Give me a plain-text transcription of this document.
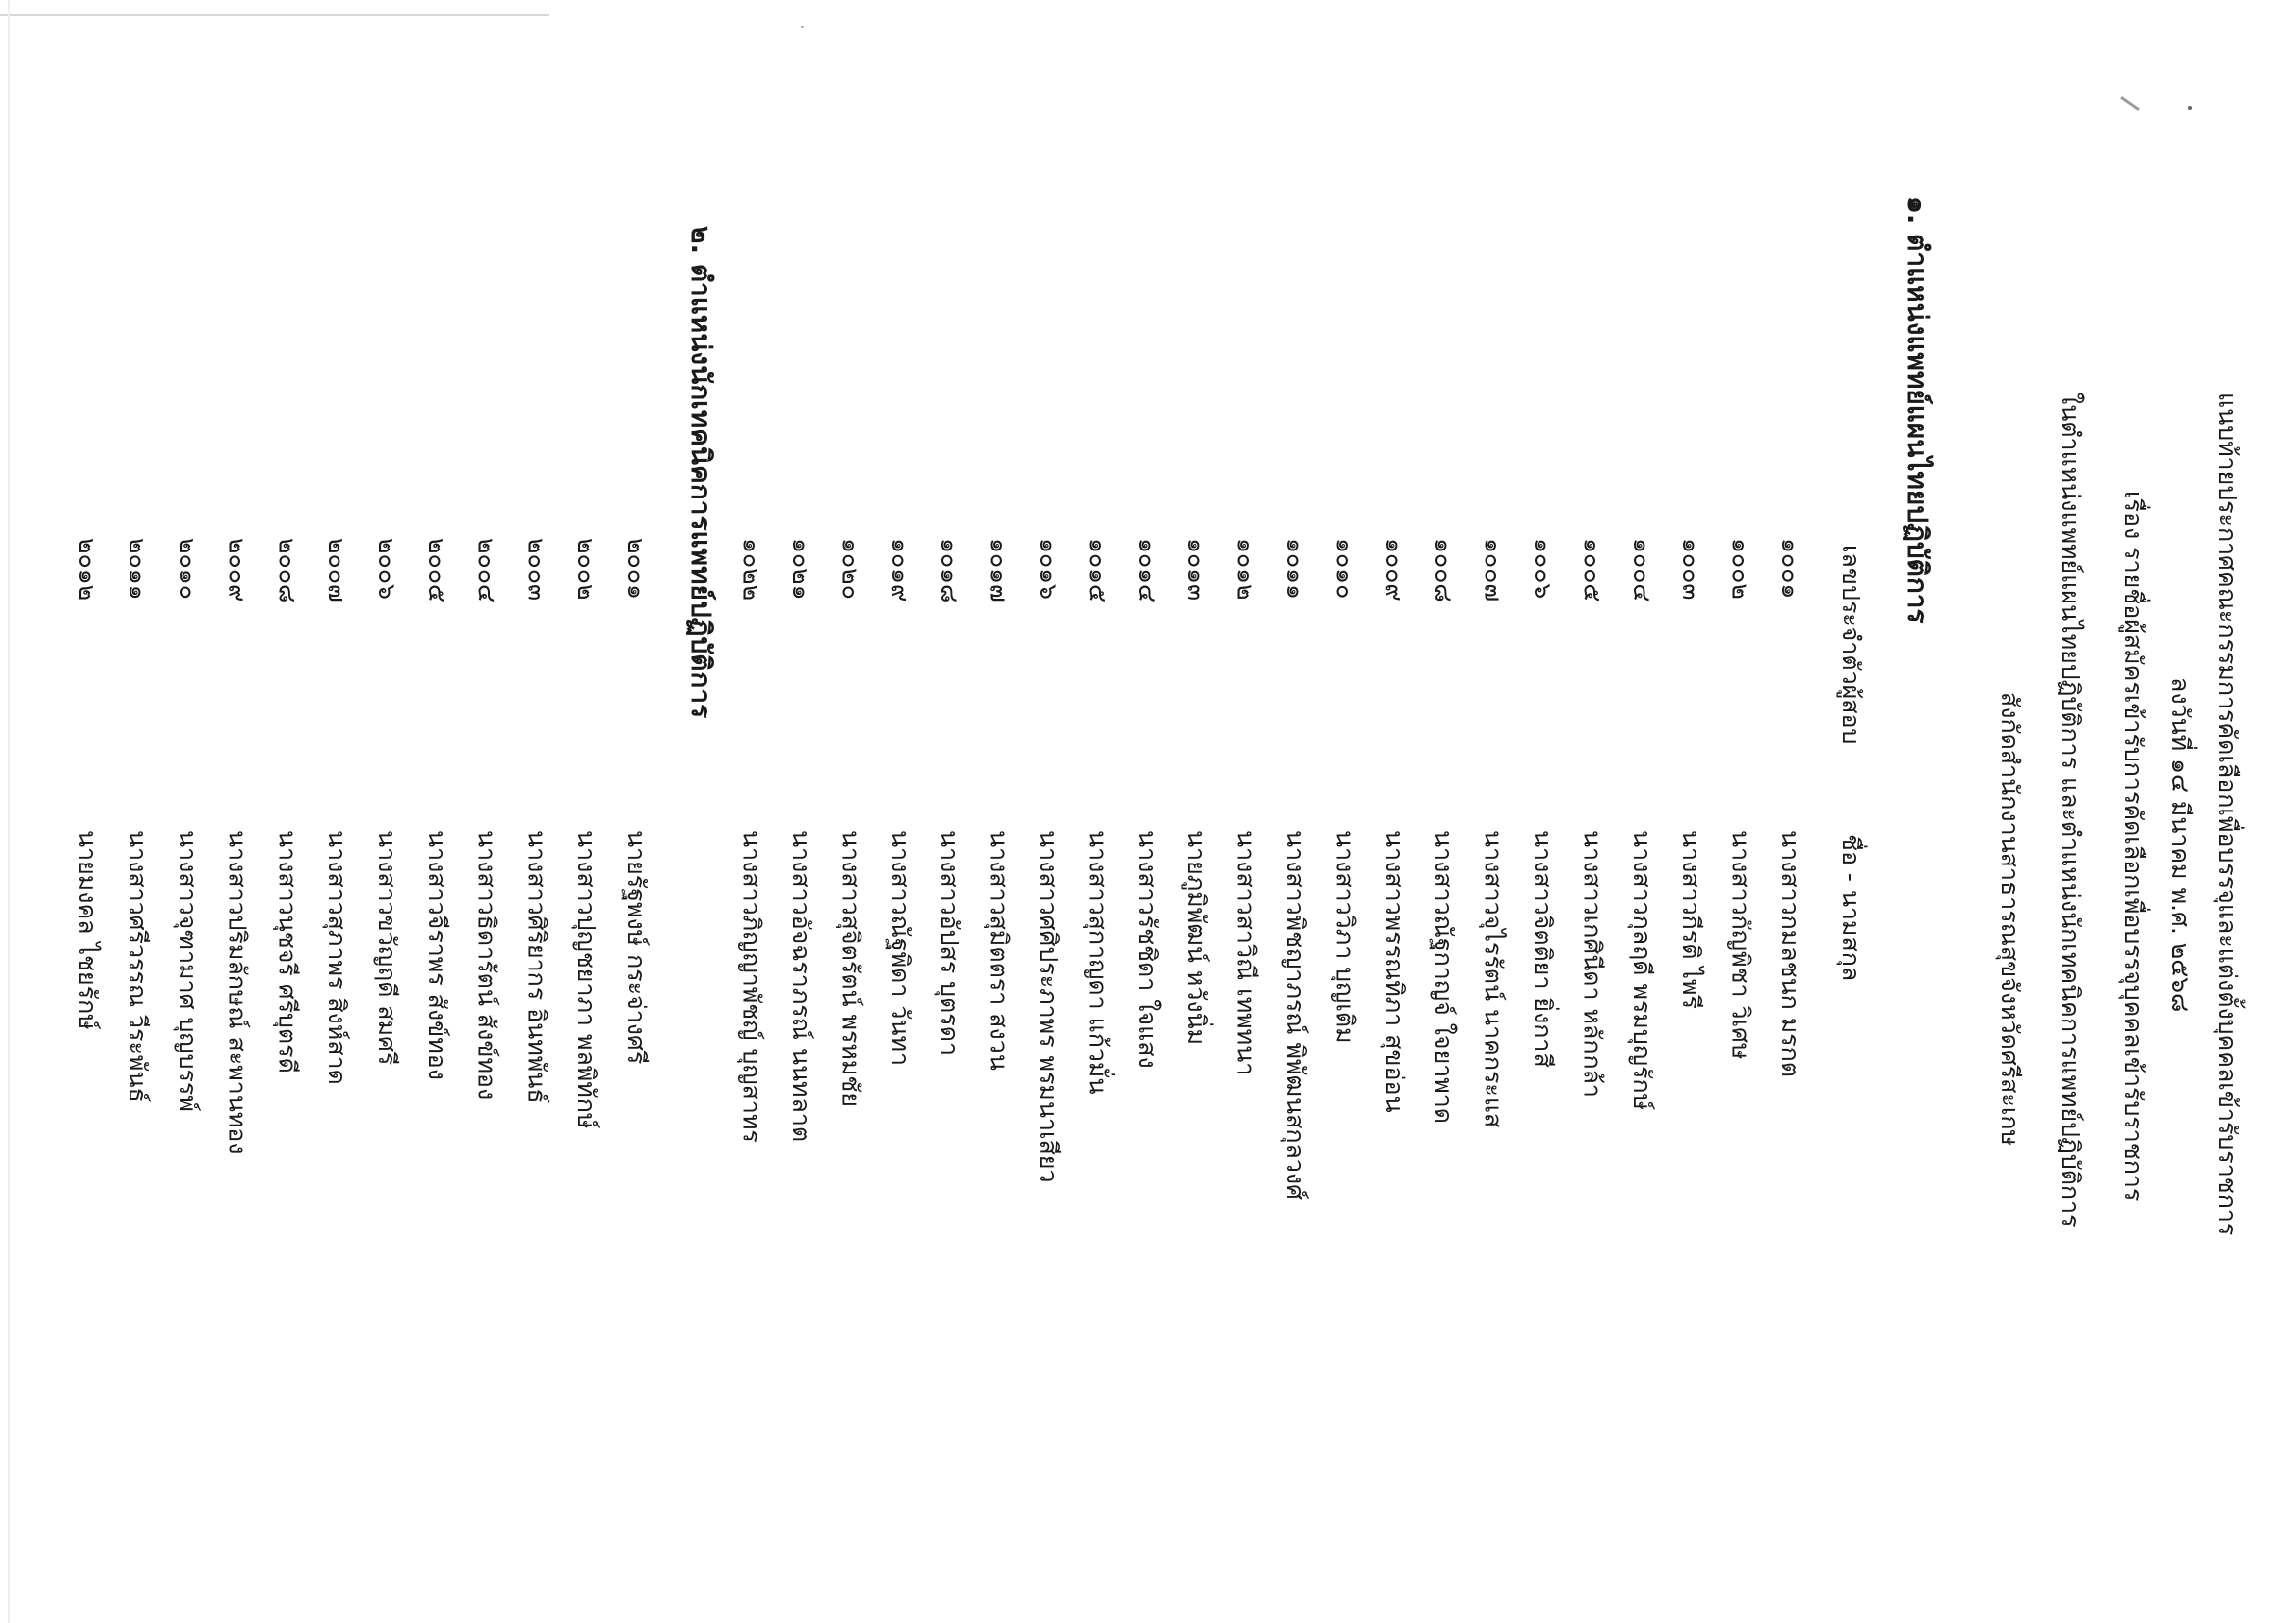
แนบท้ายประกาศคณะกรรมการคัดเลือกเพื่อบรรจุและแต่งตั้งบุคคลเข้ารับราชการ
ลงวันที่ ๑๔ มีนาคม พ.ศ. ๒๕๖๘
เรื่อง รายชื่อผู้สมัครเข้ารับการคัดเลือกเพื่อบรรจุบุคคลเข้ารับราชการ
ในตำแหน่งแพทย์แผนไทยปฏิบัติการ และตำแหน่งนักเทคนิคการแพทย์ปฏิบัติการ
สังกัดสำนักงานสาธารณสุขจังหวัดศรีสะเกษ
๑. ตำแหน่งแพทย์แผนไทยปฏิบัติการ
เลขประจำตัวผู้สอบ
ชื่อ - นามสกุล
๑๐๐๑
นางสาวกมลชนก มรกต
๑๐๐๒
นางสาวกัญพิชา วิเศษ
๑๐๐๓
นางสาวกีรติ ไพรี
๑๐๐๔
นางสาวกุลฤดี พรมบุญรักษ์
๑๐๐๕
นางสาวเกศินีดา หลักกล้า
๑๐๐๖
นางสาวจิตติยา ยิ่งกาสี
๑๐๐๗
นางสาวจุไรรัตน์ นาคกระแส
๑๐๐๘
นางสาวณัฐกาญจ์ ใจยาพาด
๑๐๐๙
นางสาวพรรณทิภา สุขอ่อน
๑๐๑๐
นางสาววิภา บุญเติม
๑๐๑๑
นางสาวพิชญาภรณ์ พิพัฒนสกุลวงศ์
๑๐๑๒
นางสาวสาวิณี เทพทนา
๑๐๑๓
นายภูมิพัฒน์ หวังนิ่ม
๑๐๑๔
นางสาวรัชชิดา ใจแสง
๑๐๑๕
นางสาวสุกาญดา แก้วมั่น
๑๐๑๖
นางสาวศศิประภาพร พรมนาเสียว
๑๐๑๗
นางสาวสุมิตตรา สงวน
๑๐๑๘
นางสาวอัปสร บุตรดา
๑๐๑๙
นางสาวณัฐพิดา วันทา
๑๐๒๐
นางสาวสุจิตรัตน์ พรหมชัย
๑๐๒๑
นางสาวอัจฉราภรณ์ นนทลาต
๑๐๒๒
นางสาวภิญญาพัชญ์ บุญสาทร
๒. ตำแหน่งนักเทคนิคการแพทย์ปฏิบัติการ
๒๐๐๑
นายรัฐพงษ์ กระจ่างศรี
๒๐๐๒
นางสาวปุญชยาภา พลพิทักษ์
๒๐๐๓
นางสาวศิริยากร อินทพันธ์
๒๐๐๔
นางสาวธิดารัตน์ สังข์ทอง
๒๐๐๕
นางสาวจีราพร สังข์ทอง
๒๐๐๖
นางสาวขวัญฤดี สมศรี
๒๐๐๗
นางสาวสุภาพร สิงห์สาด
๒๐๐๘
นางสาวนุชจรี ศรีบุตรดี
๒๐๐๙
นางสาวปริมลักษณ์ สะพานทอง
๒๐๑๐
นางสาวจุฑามาศ บุญบรรพ์
๒๐๑๑
นางสาวศรีวรรณ วีระพันธ์
๒๐๑๒
นายมงคล ไชยรักษ์
